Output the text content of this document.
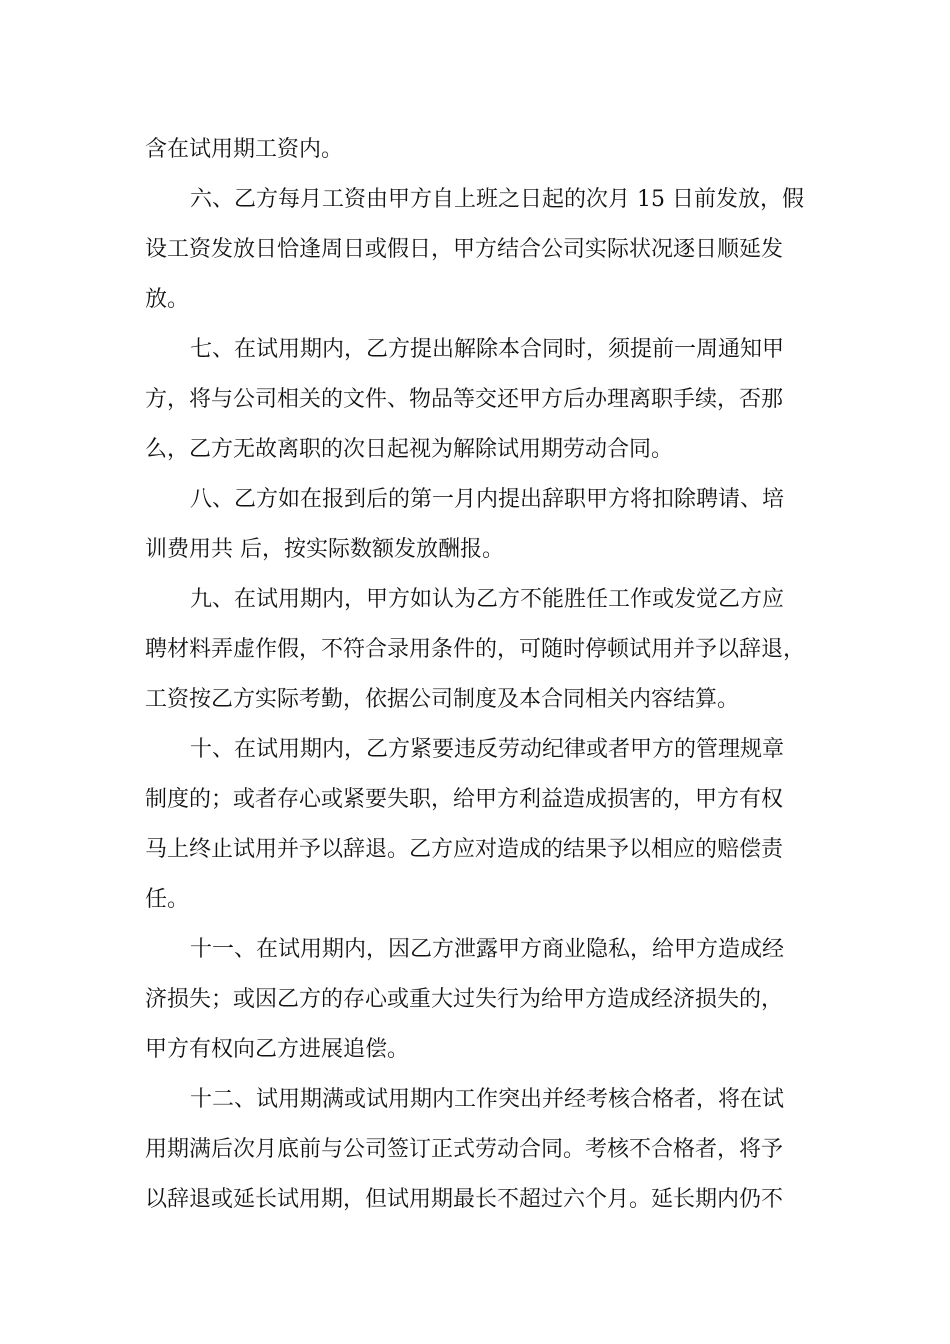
含在试用期工资内。
六、乙方每月工资由甲方自上班之日起的次月 15 日前发放，假
设工资发放日恰逢周日或假日，甲方结合公司实际状况逐日顺延发
放。
七、在试用期内，乙方提出解除本合同时，须提前一周通知甲
方，将与公司相关的文件、物品等交还甲方后办理离职手续，否那
么，乙方无故离职的次日起视为解除试用期劳动合同。
八、乙方如在报到后的第一月内提出辞职甲方将扣除聘请、培
训费用共 后，按实际数额发放酬报。
九、在试用期内，甲方如认为乙方不能胜任工作或发觉乙方应
聘材料弄虚作假，不符合录用条件的，可随时停顿试用并予以辞退，
工资按乙方实际考勤，依据公司制度及本合同相关内容结算。
十、在试用期内，乙方紧要违反劳动纪律或者甲方的管理规章
制度的；或者存心或紧要失职，给甲方利益造成损害的，甲方有权
马上终止试用并予以辞退。乙方应对造成的结果予以相应的赔偿责
任。
十一、在试用期内，因乙方泄露甲方商业隐私，给甲方造成经
济损失；或因乙方的存心或重大过失行为给甲方造成经济损失的，
甲方有权向乙方进展追偿。
十二、试用期满或试用期内工作突出并经考核合格者，将在试
用期满后次月底前与公司签订正式劳动合同。考核不合格者，将予
以辞退或延长试用期，但试用期最长不超过六个月。延长期内仍不
